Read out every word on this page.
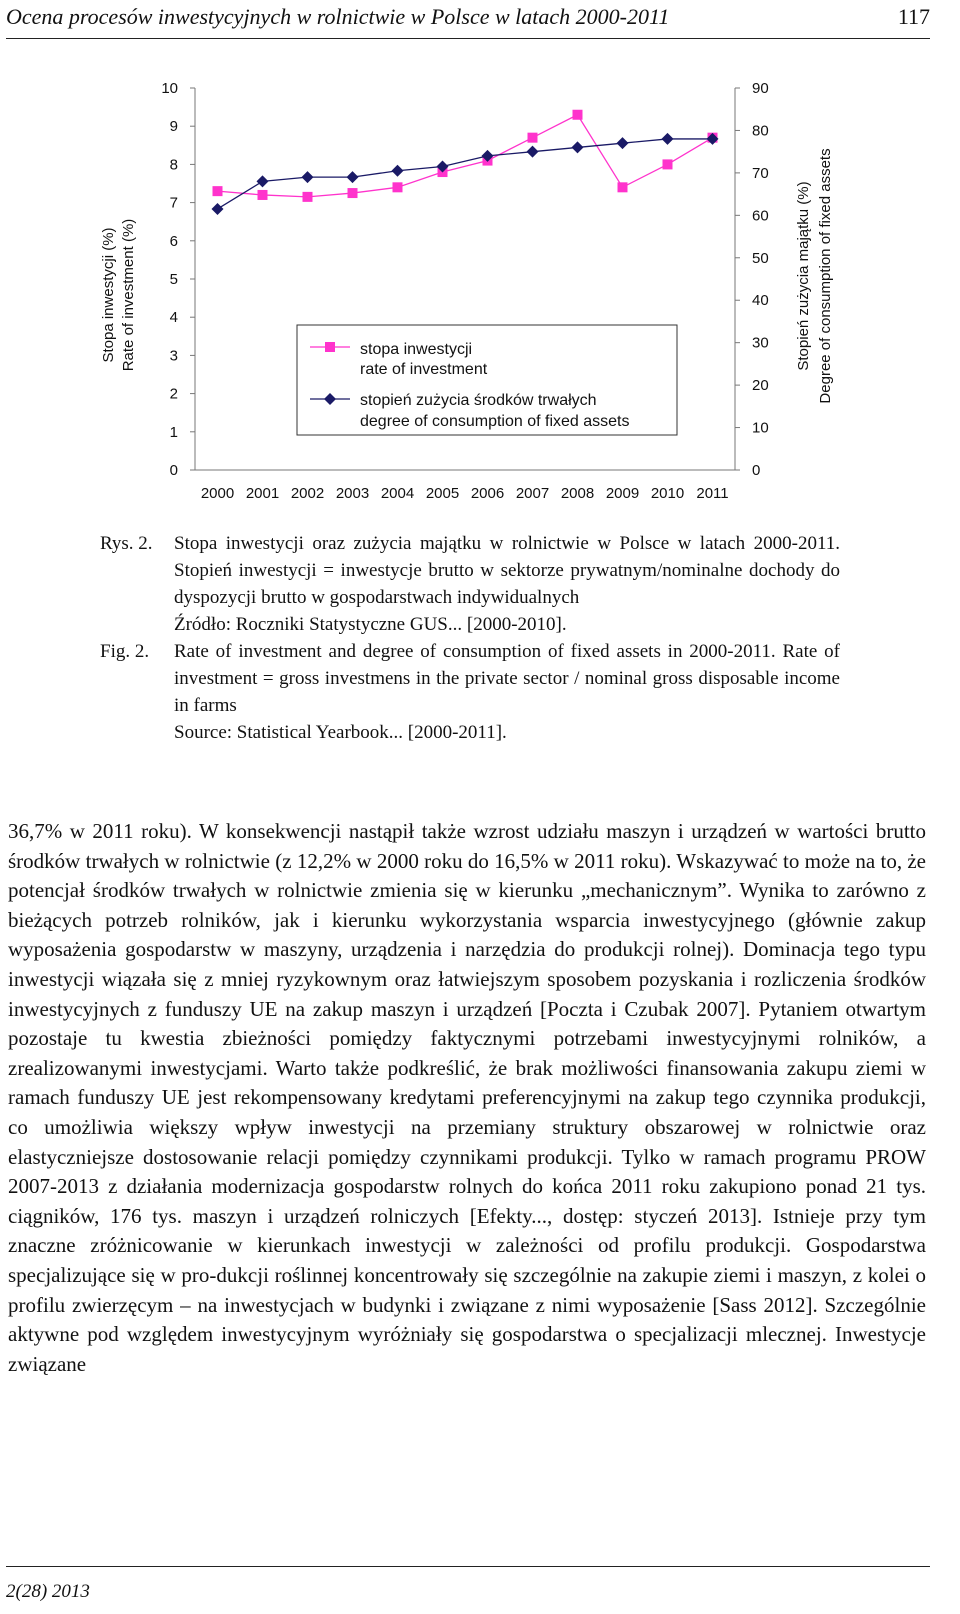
Ocena procesów inwestycyjnych w rolnictwie w Polsce w latach 2000-2011	117
0
1
2
3
4
5
6
7
8
9
10
0
10
20
30
40
50
60
70
80
90
Stopa inwestycji (%) Rate of investment (%)	Stopień zużycia majątku (%) Degree of consumption of fixed assets
2000 2001 2002 2003 2004 2005 2006 2007 2008 2009 2010 2011
stopa inwestycji
rate of investment
stopień zużycia środków trwałych
degree of consumption of fixed assets
Rys. 2.	Stopa inwestycji oraz zużycia majątku w rolnictwie w Polsce w latach 2000-2011. Stopień inwestycji = inwestycje brutto w sektorze prywatnym/nominalne dochody do dyspozycji brutto w gospodarstwach indywidualnych
Źródło: Roczniki Statystyczne GUS... [2000-2010].
Fig. 2.	Rate of investment and degree of consumption of fixed assets in 2000-2011. Rate of investment = gross investmens in the private sector / nominal gross disposable income in farms
Source: Statistical Yearbook... [2000-2011].
36,7% w 2011 roku). W konsekwencji nastąpił także wzrost udziału maszyn i urządzeń w wartości brutto środków trwałych w rolnictwie (z 12,2% w 2000 roku do 16,5% w 2011 roku). Wskazywać to może na to, że potencjał środków trwałych w rolnictwie zmienia się w kierunku „mechanicznym”. Wynika to zarówno z bieżących potrzeb rolników, jak i kierunku wykorzystania wsparcia inwestycyjnego (głównie zakup wyposażenia gospodarstw w maszyny, urządzenia i narzędzia do produkcji rolnej). Dominacja tego typu inwestycji wiązała się z mniej ryzykownym oraz łatwiejszym sposobem pozyskania i rozliczenia środków inwestycyjnych z funduszy UE na zakup maszyn i urządzeń [Poczta i Czubak 2007]. Pytaniem otwartym pozostaje tu kwestia zbieżności pomiędzy faktycznymi potrzebami inwestycyjnymi rolników, a zrealizowanymi inwestycjami. Warto także podkreślić, że brak możliwości finansowania zakupu ziemi w ramach funduszy UE jest rekompensowany kredytami preferencyjnymi na zakup tego czynnika produkcji, co umożliwia większy wpływ inwestycji na przemiany struktury obszarowej w rolnictwie oraz elastyczniejsze dostosowanie relacji pomiędzy czynnikami produkcji. Tylko w ramach programu PROW 2007-2013 z działania modernizacja gospodarstw rolnych do końca 2011 roku zakupiono ponad 21 tys. ciągników, 176 tys. maszyn i urządzeń rolniczych [Efekty..., dostęp: styczeń 2013]. Istnieje przy tym znaczne zróżnicowanie w kierunkach inwestycji w zależności od profilu produkcji. Gospodarstwa specjalizujące się w pro-dukcji roślinnej koncentrowały się szczególnie na zakupie ziemi i maszyn, z kolei o profilu zwierzęcym – na inwestycjach w budynki i związane z nimi wyposażenie [Sass 2012]. Szczególnie aktywne pod względem inwestycyjnym wyróżniały się gospodarstwa o specjalizacji mlecznej. Inwestycje związane
2(28) 2013
